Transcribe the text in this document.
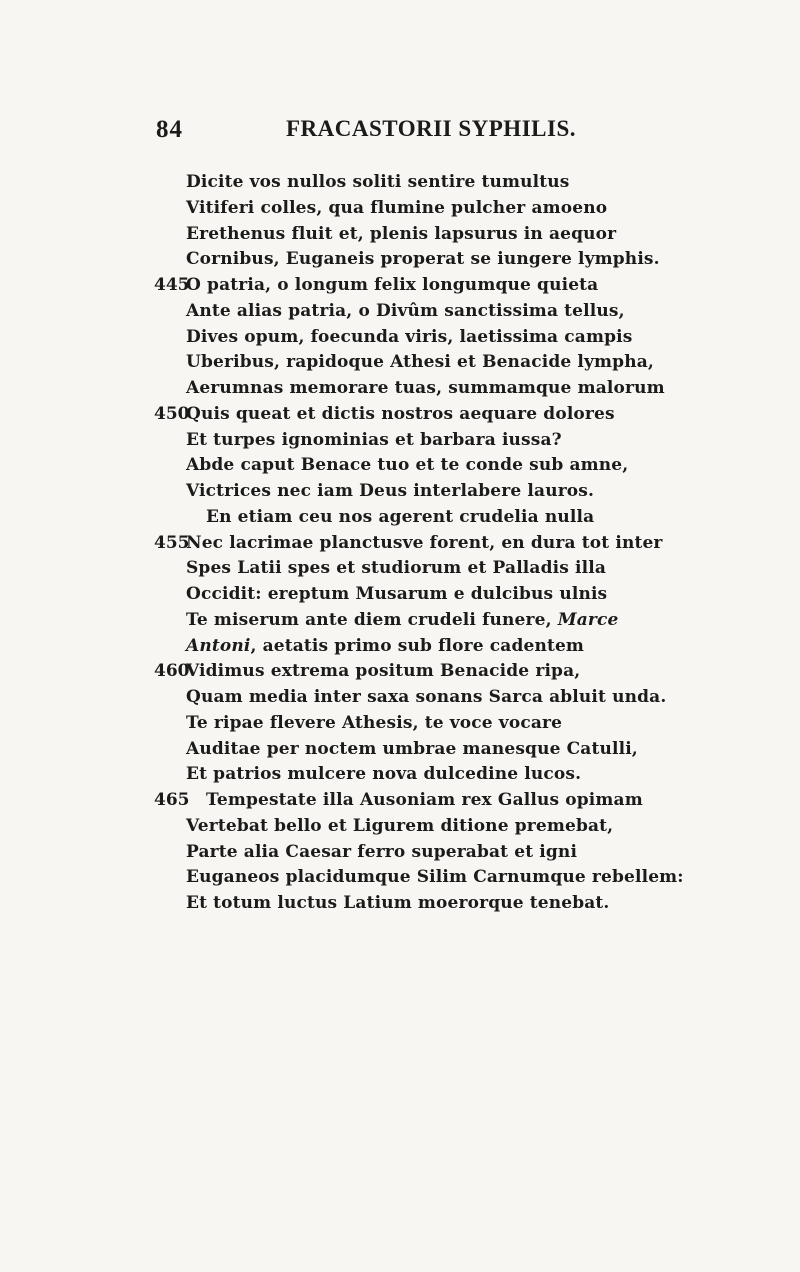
84	FRACASTORII SYPHILIS.
Dicite vos nullos soliti sentire tumultus
Vitiferi colles, qua flumine pulcher amoeno
Erethenus fluit et, plenis lapsurus in aequor
Cornibus, Euganeis properat se iungere lymphis.
445
O patria, o longum felix longumque quieta
Ante alias patria, o Divûm sanctissima tellus,
Dives opum, foecunda viris, laetissima campis
Uberibus, rapidoque Athesi et Benacide lympha,
Aerumnas memorare tuas, summamque malorum
450
Quis queat et dictis nostros aequare dolores
Et turpes ignominias et barbara iussa?
Abde caput Benace tuo et te conde sub amne,
Victrices nec iam Deus interlabere lauros.
En etiam ceu nos agerent crudelia nulla
455
Nec lacrimae planctusve forent, en dura tot inter
Spes Latii spes et studiorum et Palladis illa
Occidit: ereptum Musarum e dulcibus ulnis
Te miserum ante diem crudeli funere, Marce
Antoni, aetatis primo sub flore cadentem
460
Vidimus extrema positum Benacide ripa,
Quam media inter saxa sonans Sarca abluit unda.
Te ripae flevere Athesis, te voce vocare
Auditae per noctem umbrae manesque Catulli,
Et patrios mulcere nova dulcedine lucos.
465 Tempestate illa Ausoniam rex Gallus opimam
Vertebat bello et Ligurem ditione premebat,
Parte alia Caesar ferro superabat et igni
Euganeos placidumque Silim Carnumque rebellem:
Et totum luctus Latium moerorque tenebat.
